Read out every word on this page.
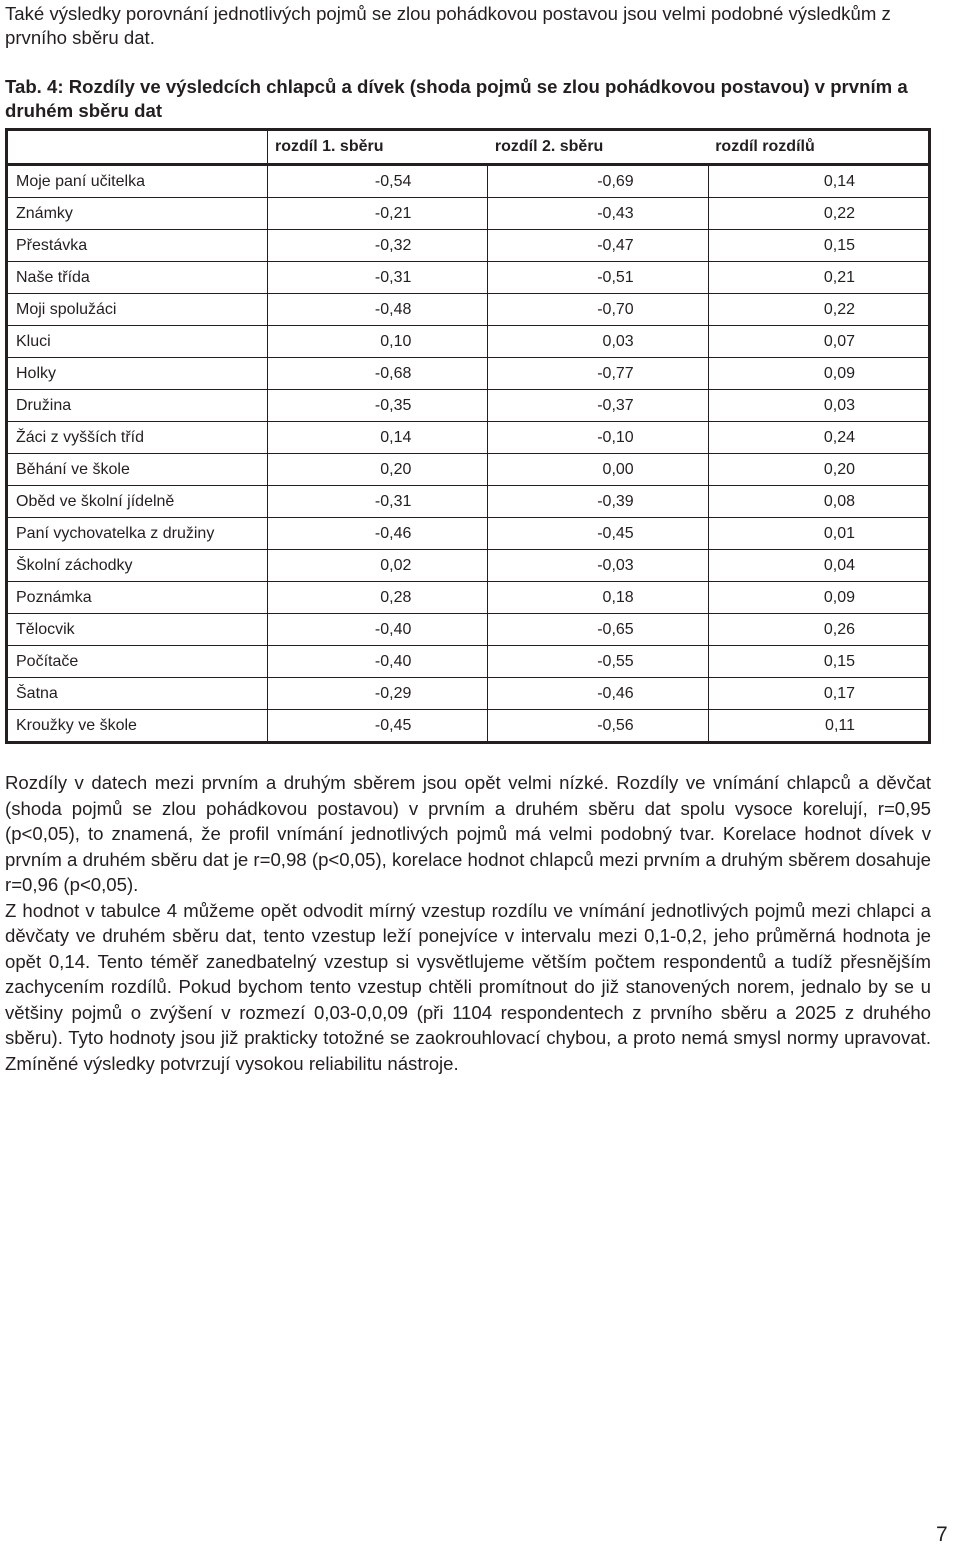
Také výsledky porovnání jednotlivých pojmů se zlou pohádkovou postavou jsou velmi podobné výsledkům z prvního sběru dat.

Tab. 4: Rozdíly ve výsledcích chlapců a dívek (shoda pojmů se zlou pohádkovou postavou) v prvním a druhém sběru dat

	rozdíl 1. sběru	rozdíl 2. sběru	rozdíl rozdílů
Moje paní učitelka	-0,54	-0,69	0,14
Známky	-0,21	-0,43	0,22
Přestávka	-0,32	-0,47	0,15
Naše třída	-0,31	-0,51	0,21
Moji spolužáci	-0,48	-0,70	0,22
Kluci	0,10	0,03	0,07
Holky	-0,68	-0,77	0,09
Družina	-0,35	-0,37	0,03
Žáci z vyšších tříd	0,14	-0,10	0,24
Běhání ve škole	0,20	0,00	0,20
Oběd ve školní jídelně	-0,31	-0,39	0,08
Paní vychovatelka z družiny	-0,46	-0,45	0,01
Školní záchodky	0,02	-0,03	0,04
Poznámka	0,28	0,18	0,09
Tělocvik	-0,40	-0,65	0,26
Počítače	-0,40	-0,55	0,15
Šatna	-0,29	-0,46	0,17
Kroužky ve škole	-0,45	-0,56	0,11

Rozdíly v datech mezi prvním a druhým sběrem jsou opět velmi nízké. Rozdíly ve vnímání chlapců a děvčat (shoda pojmů se zlou pohádkovou postavou) v prvním a druhém sběru dat spolu vysoce korelují, r=0,95 (p<0,05), to znamená, že profil vnímání jednotlivých pojmů má velmi podobný tvar. Korelace hodnot dívek v prvním a druhém sběru dat je r=0,98 (p<0,05), korelace hodnot chlapců mezi prvním a druhým sběrem dosahuje r=0,96 (p<0,05).

Z hodnot v tabulce 4 můžeme opět odvodit mírný vzestup rozdílu ve vnímání jednotlivých pojmů mezi chlapci a děvčaty ve druhém sběru dat, tento vzestup leží ponejvíce v intervalu mezi 0,1-0,2, jeho průměrná hodnota je opět 0,14. Tento téměř zanedbatelný vzestup si vysvětlujeme větším počtem respondentů a tudíž přesnějším zachycením rozdílů. Pokud bychom tento vzestup chtěli promítnout do již stanovených norem, jednalo by se u většiny pojmů o zvýšení v rozmezí 0,03-0,0,09 (při 1104 respondentech z prvního sběru a 2025 z druhého sběru). Tyto hodnoty jsou již prakticky totožné se zaokrouhlovací chybou, a proto nemá smysl normy upravovat. Zmíněné výsledky potvrzují vysokou reliabilitu nástroje.

7
